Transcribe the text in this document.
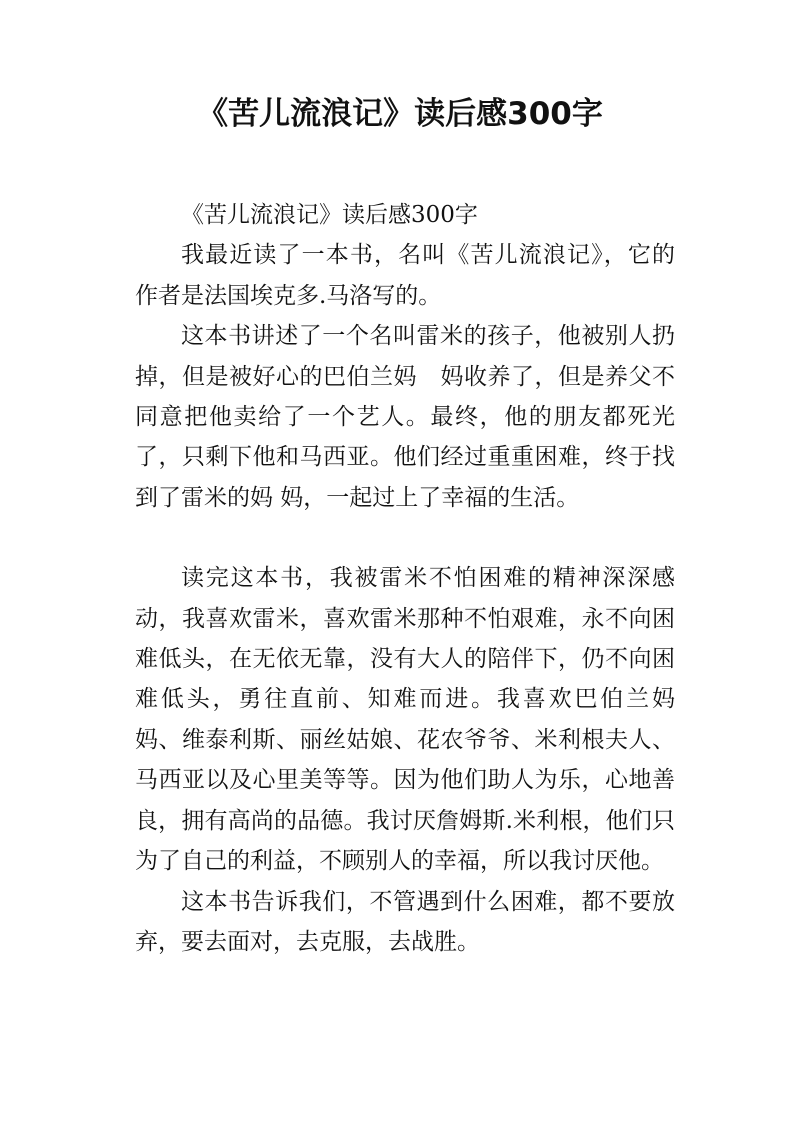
《苦儿流浪记》读后感300字

《苦儿流浪记》读后感300字

我最近读了一本书，名叫《苦儿流浪记》，它的作者是法国埃克多.马洛写的。

这本书讲述了一个名叫雷米的孩子，他被别人扔掉，但是被好心的巴伯兰妈　妈收养了，但是养父不同意把他卖给了一个艺人。最终，他的朋友都死光了，只剩下他和马西亚。他们经过重重困难，终于找到了雷米的妈 妈，一起过上了幸福的生活。

读完这本书，我被雷米不怕困难的精神深深感动，我喜欢雷米，喜欢雷米那种不怕艰难，永不向困难低头，在无依无靠，没有大人的陪伴下，仍不向困难低头，勇往直前、知难而进。我喜欢巴伯兰妈　妈、维泰利斯、丽丝姑娘、花农爷爷、米利根夫人、马西亚以及心里美等等。因为他们助人为乐，心地善良，拥有高尚的品德。我讨厌詹姆斯.米利根，他们只为了自己的利益，不顾别人的幸福，所以我讨厌他。

这本书告诉我们，不管遇到什么困难，都不要放弃，要去面对，去克服，去战胜。
